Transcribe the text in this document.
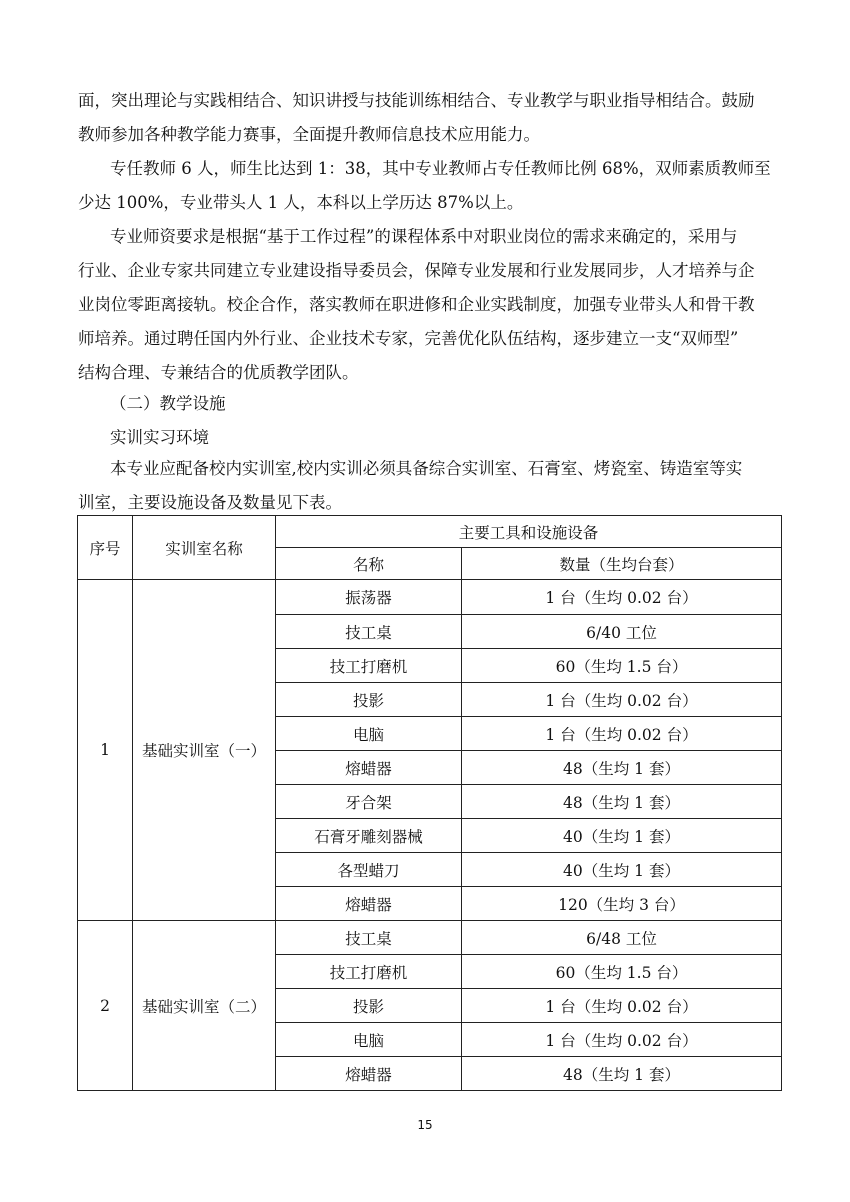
面，突出理论与实践相结合、知识讲授与技能训练相结合、专业教学与职业指导相结合。鼓励
教师参加各种教学能力赛事，全面提升教师信息技术应用能力。
专任教师 6 人，师生比达到 1：38，其中专业教师占专任教师比例 68%，双师素质教师至
少达 100%，专业带头人 1 人，本科以上学历达 87%以上。
专业师资要求是根据“基于工作过程”的课程体系中对职业岗位的需求来确定的，采用与
行业、企业专家共同建立专业建设指导委员会，保障专业发展和行业发展同步，人才培养与企
业岗位零距离接轨。校企合作，落实教师在职进修和企业实践制度，加强专业带头人和骨干教
师培养。通过聘任国内外行业、企业技术专家，完善优化队伍结构，逐步建立一支“双师型”
结构合理、专兼结合的优质教学团队。

（二）教学设施

实训实习环境

本专业应配备校内实训室,校内实训必须具备综合实训室、石膏室、烤瓷室、铸造室等实
训室，主要设施设备及数量见下表。
序号	实训室名称	主要工具和设施设备	
		名称	数量（生均台套）
1	基础实训室（一）	振荡器	1 台（生均 0.02 台）
		技工桌	6/40 工位
		技工打磨机	60（生均 1.5 台）
		投影	1 台（生均 0.02 台）
		电脑	1 台（生均 0.02 台）
		熔蜡器	48（生均 1 套）
		牙合架	48（生均 1 套）
		石膏牙雕刻器械	40（生均 1 套）
		各型蜡刀	40（生均 1 套）
		熔蜡器	120（生均 3 台）
2	基础实训室（二）	技工桌	6/48 工位
		技工打磨机	60（生均 1.5 台）
		投影	1 台（生均 0.02 台）
		电脑	1 台（生均 0.02 台）
		熔蜡器	48（生均 1 套）
15
